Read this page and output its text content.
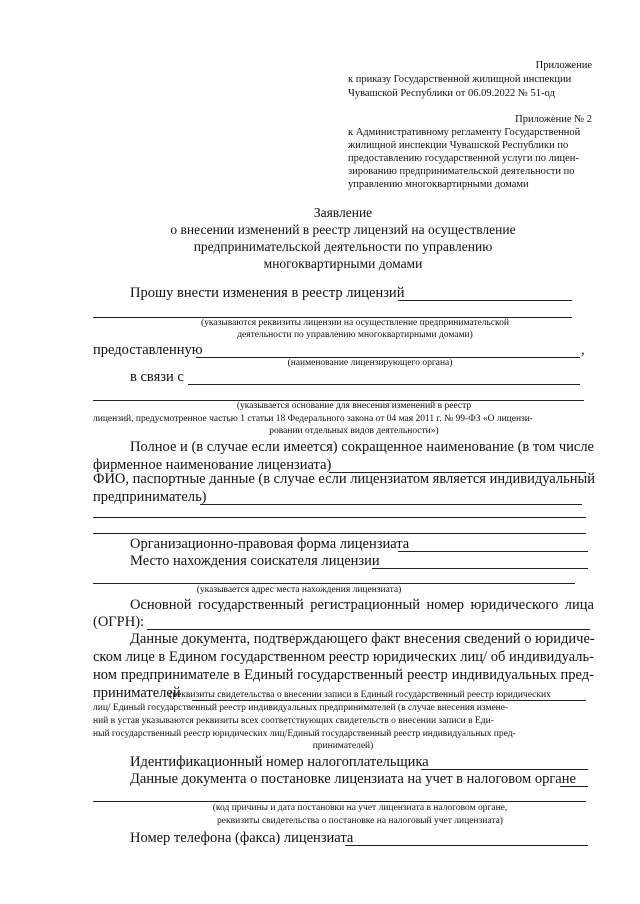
Приложение
к приказу Государственной жилищной инспекции
Чувашской Республики от 06.09.2022 № 51-од
Приложение № 2
к Административному регламенту Государственной
жилищной инспекции Чувашской Республики по
предоставлению государственной услуги по лицен-
зированию предпринимательской деятельности по
управлению многоквартирными домами
Заявление
о внесении изменений в реестр лицензий на осуществление
предпринимательской деятельности по управлению
многоквартирными домами
Прошу внести изменения в реестр лицензий
(указываются реквизиты лицензии на осуществление предпринимательской
деятельности по управлению многоквартирными домами)
предоставленную	,
(наименование лицензирующего органа)
в связи с
(указывается основание для внесения изменений в реестр
лицензий, предусмотренное частью 1 статьи 18 Федерального закона от 04 мая 2011 г. № 99-ФЗ «О лицензи-
ровании отдельных видов деятельности»)
Полное и (в случае если имеется) сокращенное наименование (в том числе
фирменное наименование лицензиата)
ФИО, паспортные данные (в случае если лицензиатом является индивидуальный
предприниматель)
Организационно-правовая форма лицензиата
Место нахождения соискателя лицензии
(указывается адрес места нахождения лицензиата)
Основной государственный регистрационный номер юридического лица
(ОГРН):
Данные документа, подтверждающего факт внесения сведений о юридиче-
ском лице в Едином государственном реестр юридических лиц/ об индивидуаль-
ном предпринимателе в Единый государственный реестр индивидуальных пред-
принимателей
(реквизиты свидетельства о внесении записи в Единый государственный реестр юридических
лиц/ Единый государственный реестр индивидуальных предпринимателей (в случае внесения измене-
ний в устав указываются реквизиты всех соответствующих свидетельств о внесении записи в Еди-
ный государственный реестр юридических лиц/Единый государственный реестр индивидуальных пред-
принимателей)
Идентификационный номер налогоплательщика
Данные документа о постановке лицензиата на учет в налоговом органе
(код причины и дата постановки на учет лицензиата в налоговом органе,
реквизиты свидетельства о постановке на налоговый учет лицензиата)
Номер телефона (факса) лицензиата
